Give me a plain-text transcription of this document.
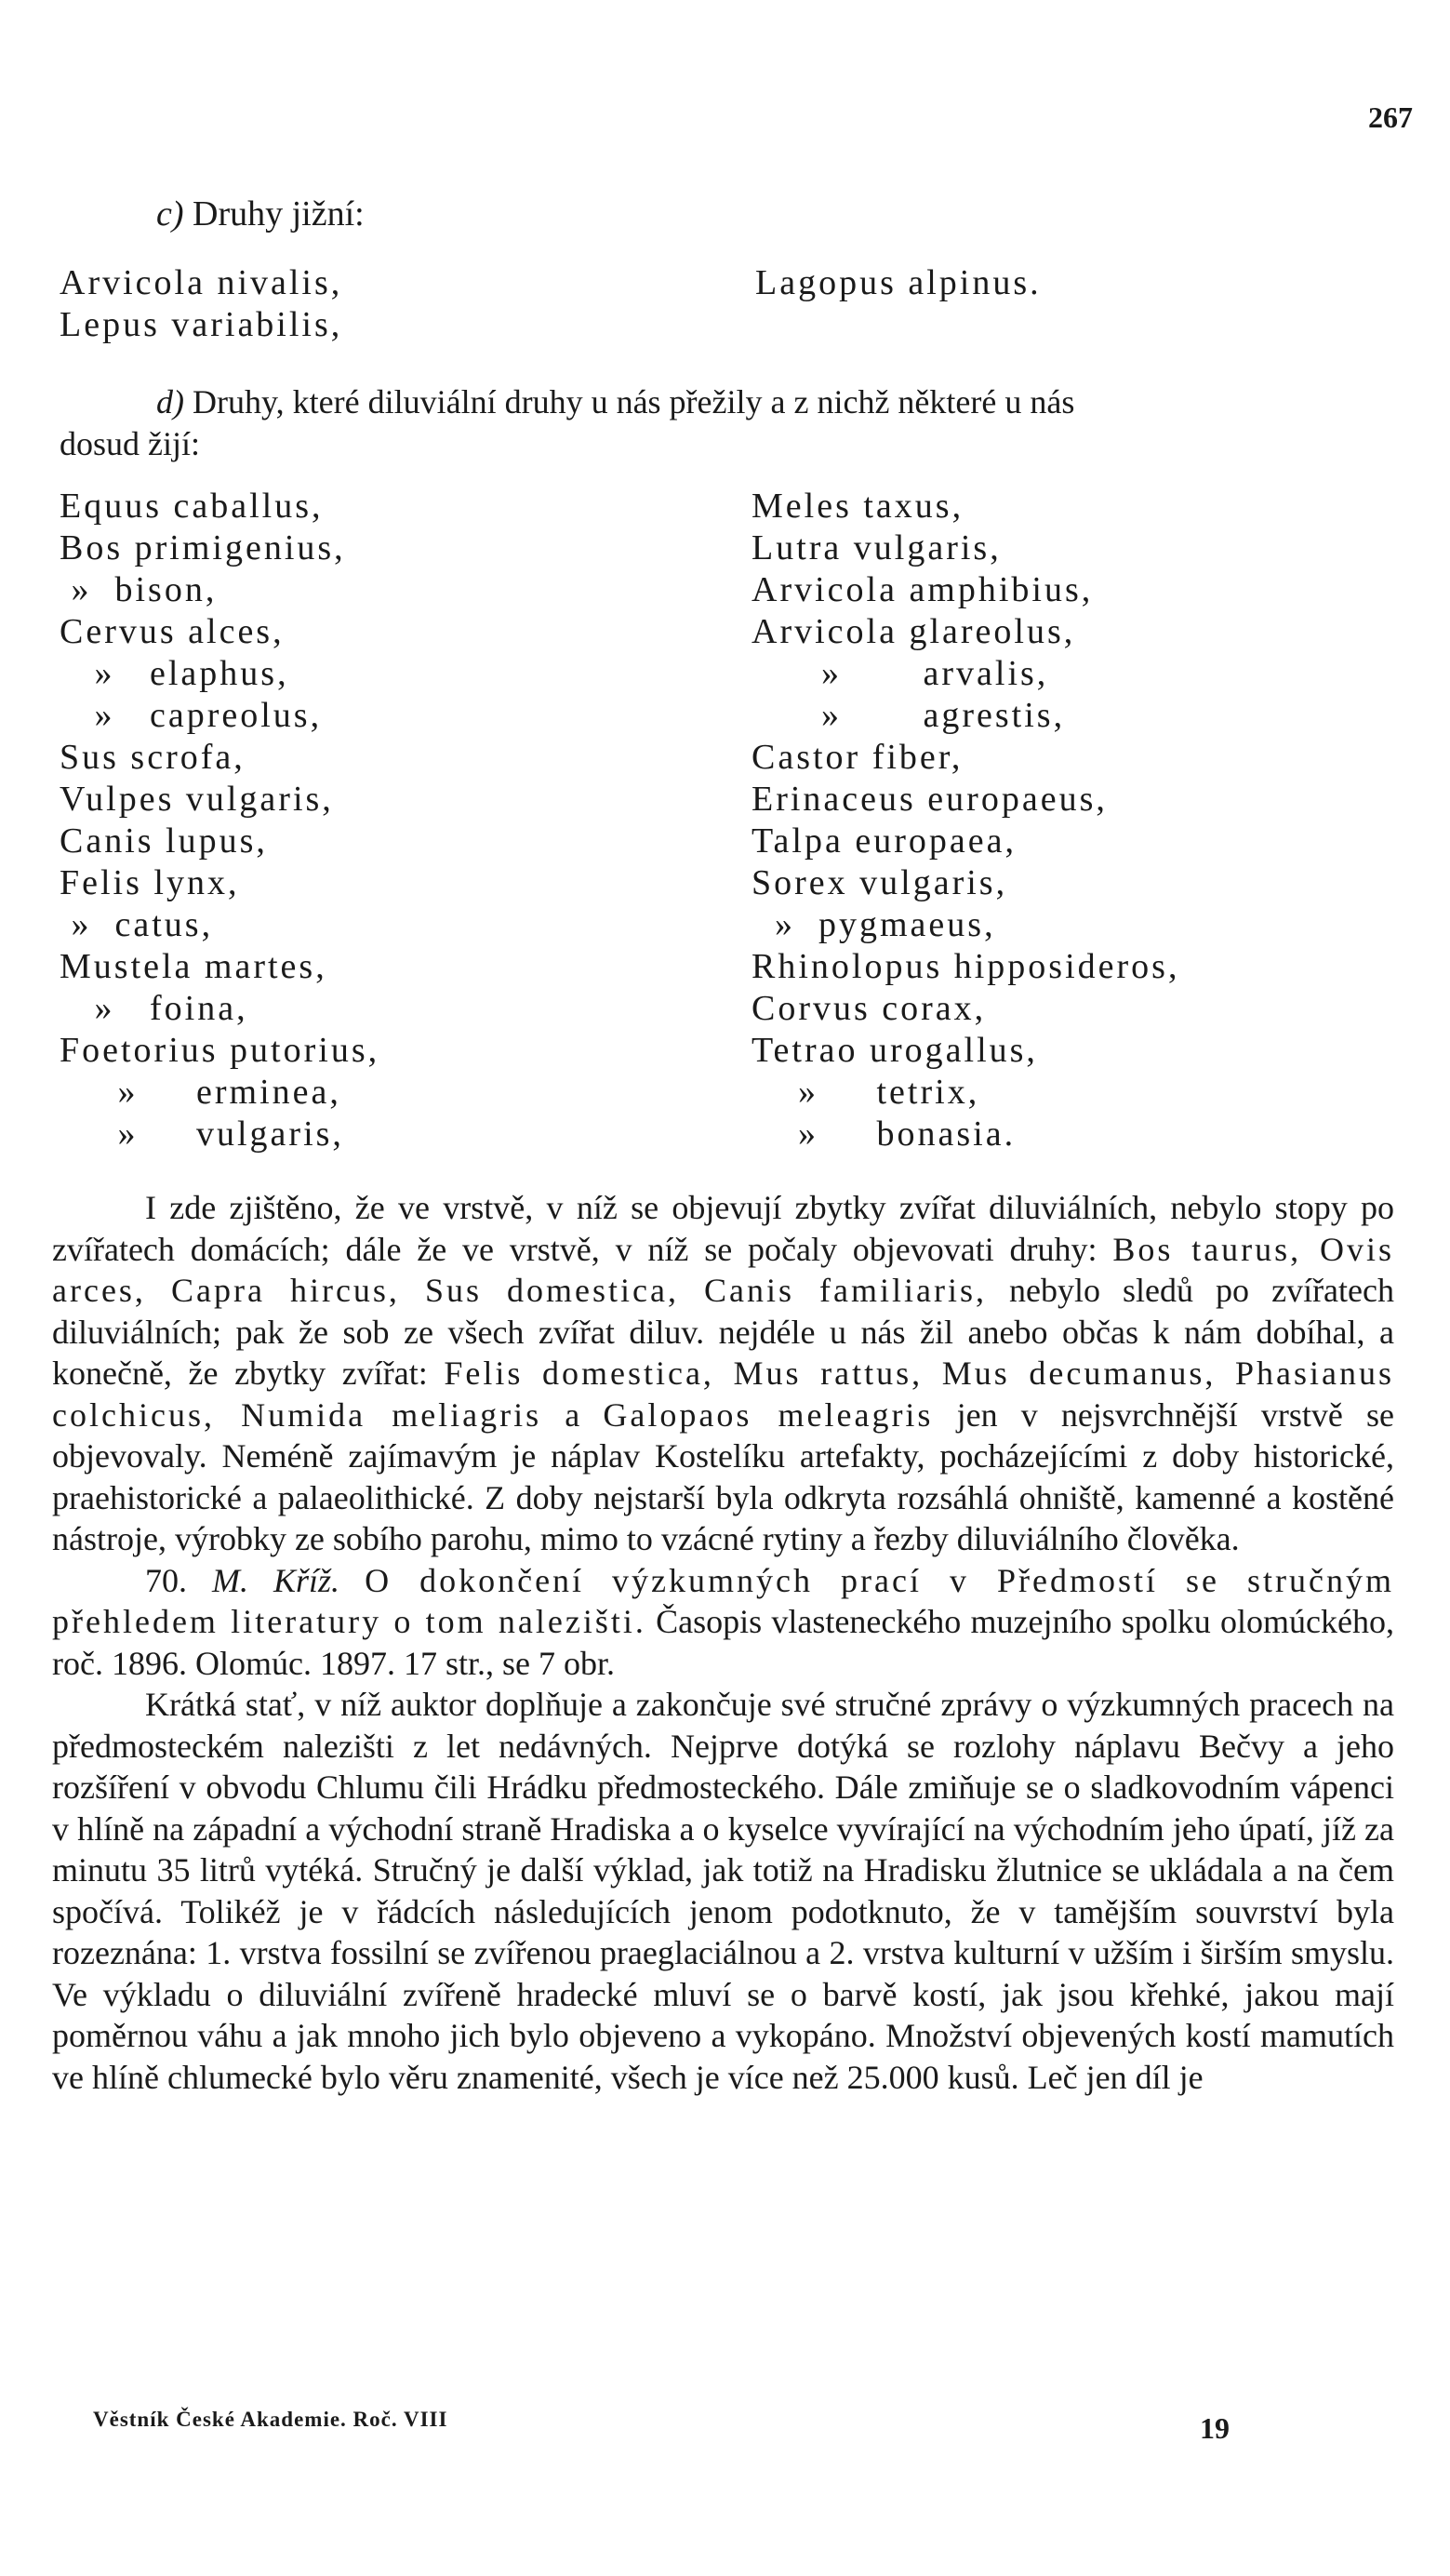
267
c) Druhy jižní:
Arvicola nivalis,
Lepus variabilis,
Lagopus alpinus.
d) Druhy, které diluviální druhy u nás přežily a z nichž některé u nás
dosud žijí:
Equus caballus,
Bos primigenius,
»  bison,
Cervus alces,
»   elaphus,
»   capreolus,
Sus scrofa,
Vulpes vulgaris,
Canis lupus,
Felis lynx,
»  catus,
Mustela martes,
»   foina,
Foetorius putorius,
»     erminea,
»     vulgaris,
Meles taxus,
Lutra vulgaris,
Arvicola amphibius,
Arvicola glareolus,
»       arvalis,
»       agrestis,
Castor fiber,
Erinaceus europaeus,
Talpa europaea,
Sorex vulgaris,
»  pygmaeus,
Rhinolopus hipposideros,
Corvus corax,
Tetrao urogallus,
»     tetrix,
»     bonasia.

I zde zjištěno, že ve vrstvě, v níž se objevují zbytky zvířat diluviálních, nebylo stopy po zvířatech domácích; dále že ve vrstvě, v níž se počaly objevovati druhy: Bos taurus, Ovis arces, Capra hircus, Sus domestica, Canis familiaris, nebylo sledů po zvířatech diluviálních; pak že sob ze všech zvířat diluv. nejdéle u nás žil anebo občas k nám dobíhal, a konečně, že zbytky zvířat: Felis domestica, Mus rattus, Mus decumanus, Phasianus colchicus, Numida meliagris a Galopaos meleagris jen v nejsvrchnější vrstvě se objevovaly. Neméně zajímavým je náplav Kostelíku artefakty, pocházejícími z doby historické, praehistorické a palaeolithické. Z doby nejstarší byla odkryta rozsáhlá ohniště, kamenné a kostěné nástroje, výrobky ze sobího parohu, mimo to vzácné rytiny a řezby diluviálního člověka.

70. M. Kříž. O dokončení výzkumných prací v Předmostí se stručným přehledem literatury o tom nalezišti. Časopis vlasteneckého muzejního spolku olomúckého, roč. 1896. Olomúc. 1897. 17 str., se 7 obr.

Krátká stať, v níž auktor doplňuje a zakončuje své stručné zprávy o výzkumných pracech na předmosteckém nalezišti z let nedávných. Nejprve dotýká se rozlohy náplavu Bečvy a jeho rozšíření v obvodu Chlumu čili Hrádku předmosteckého. Dále zmiňuje se o sladkovodním vápenci v hlíně na západní a východní straně Hradiska a o kyselce vyvírající na východním jeho úpatí, jíž za minutu 35 litrů vytéká. Stručný je další výklad, jak totiž na Hradisku žlutnice se ukládala a na čem spočívá. Tolikéž je v řádcích následujících jenom podotknuto, že v tamějším souvrství byla rozeznána: 1. vrstva fossilní se zvířenou praeglaciálnou a 2. vrstva kulturní v užším i širším smyslu. Ve výkladu o diluviální zvířeně hradecké mluví se o barvě kostí, jak jsou křehké, jakou mají poměrnou váhu a jak mnoho jich bylo objeveno a vykopáno. Množství objevených kostí mamutích ve hlíně chlumecké bylo věru znamenité, všech je více než 25.000 kusů. Leč jen díl je

Věstník České Akademie. Roč. VIII	19
